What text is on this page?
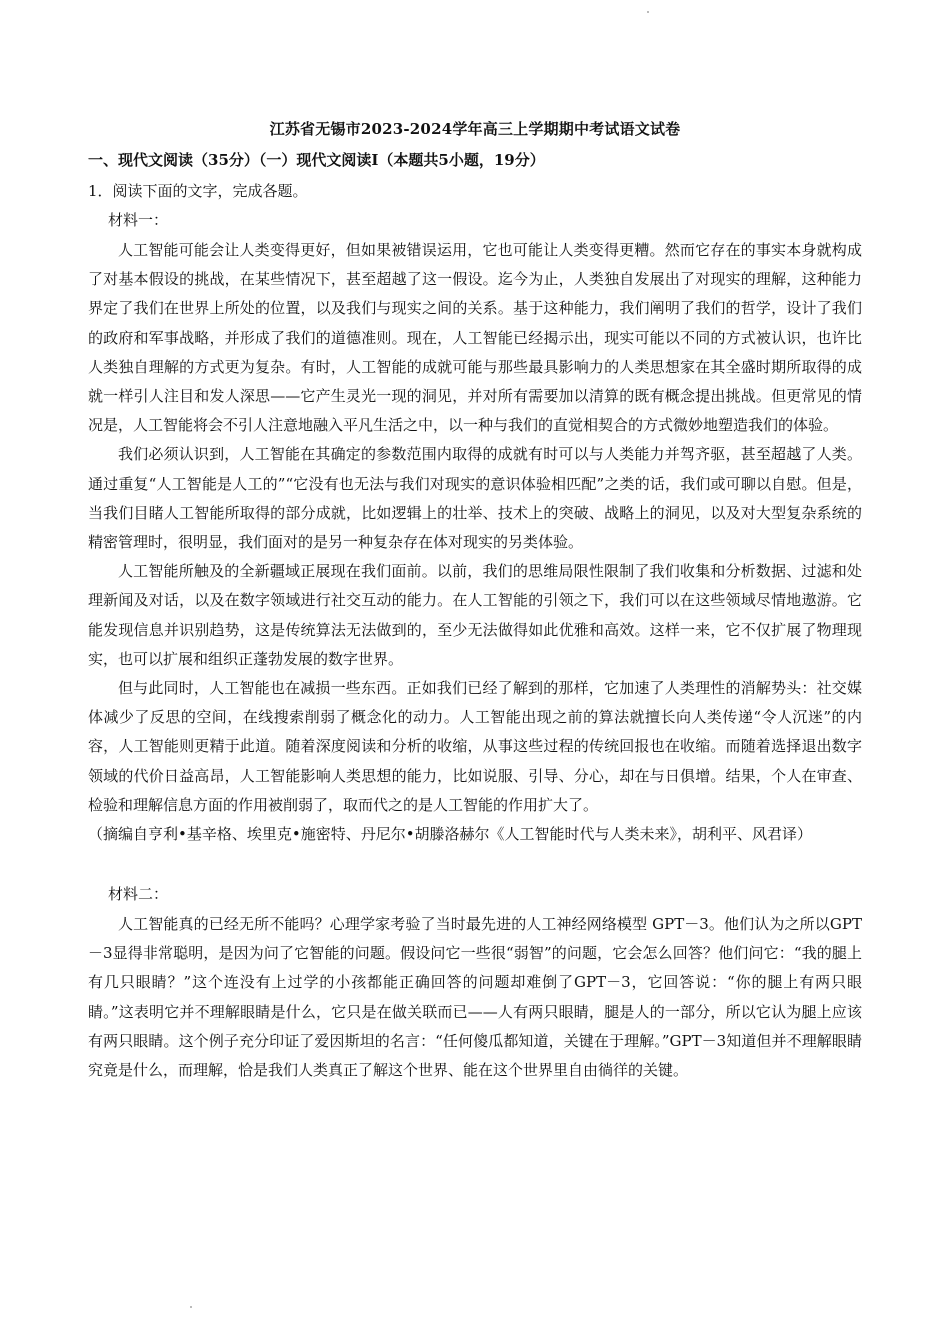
江苏省无锡市2023-2024学年高三上学期期中考试语文试卷
一、现代文阅读（35分）（一）现代文阅读Ⅰ（本题共5小题，19分）
1．阅读下面的文字，完成各题。
材料一：

人工智能可能会让人类变得更好，但如果被错误运用，它也可能让人类变得更糟。然而它存在的事实本身就构成了对基本假设的挑战，在某些情况下，甚至超越了这一假设。迄今为止，人类独自发展出了对现实的理解，这种能力界定了我们在世界上所处的位置，以及我们与现实之间的关系。基于这种能力，我们阐明了我们的哲学，设计了我们的政府和军事战略，并形成了我们的道德准则。现在，人工智能已经揭示出，现实可能以不同的方式被认识，也许比人类独自理解的方式更为复杂。有时，人工智能的成就可能与那些最具影响力的人类思想家在其全盛时期所取得的成就一样引人注目和发人深思——它产生灵光一现的洞见，并对所有需要加以清算的既有概念提出挑战。但更常见的情况是，人工智能将会不引人注意地融入平凡生活之中，以一种与我们的直觉相契合的方式微妙地塑造我们的体验。

我们必须认识到，人工智能在其确定的参数范围内取得的成就有时可以与人类能力并驾齐驱，甚至超越了人类。通过重复“人工智能是人工的”“它没有也无法与我们对现实的意识体验相匹配”之类的话，我们或可聊以自慰。但是，当我们目睹人工智能所取得的部分成就，比如逻辑上的壮举、技术上的突破、战略上的洞见，以及对大型复杂系统的精密管理时，很明显，我们面对的是另一种复杂存在体对现实的另类体验。

人工智能所触及的全新疆域正展现在我们面前。以前，我们的思维局限性限制了我们收集和分析数据、过滤和处理新闻及对话，以及在数字领域进行社交互动的能力。在人工智能的引领之下，我们可以在这些领域尽情地遨游。它能发现信息并识别趋势，这是传统算法无法做到的，至少无法做得如此优雅和高效。这样一来，它不仅扩展了物理现实，也可以扩展和组织正蓬勃发展的数字世界。

但与此同时，人工智能也在减损一些东西。正如我们已经了解到的那样，它加速了人类理性的消解势头：社交媒体减少了反思的空间，在线搜索削弱了概念化的动力。人工智能出现之前的算法就擅长向人类传递“令人沉迷”的内容，人工智能则更精于此道。随着深度阅读和分析的收缩，从事这些过程的传统回报也在收缩。而随着选择退出数字领域的代价日益高昂，人工智能影响人类思想的能力，比如说服、引导、分心，却在与日俱增。结果，个人在审查、检验和理解信息方面的作用被削弱了，取而代之的是人工智能的作用扩大了。

（摘编自亨利•基辛格、埃里克•施密特、丹尼尔•胡滕洛赫尔《人工智能时代与人类未来》，胡利平、风君译）

材料二：

人工智能真的已经无所不能吗？心理学家考验了当时最先进的人工神经网络模型 GPT－3。他们认为之所以GPT－3显得非常聪明，是因为问了它智能的问题。假设问它一些很“弱智”的问题，它会怎么回答？他们问它：“我的腿上有几只眼睛？”这个连没有上过学的小孩都能正确回答的问题却难倒了GPT－3，它回答说：“你的腿上有两只眼睛。”这表明它并不理解眼睛是什么，它只是在做关联而已——人有两只眼睛，腿是人的一部分，所以它认为腿上应该有两只眼睛。这个例子充分印证了爱因斯坦的名言：“任何傻瓜都知道，关键在于理解。”GPT－3知道但并不理解眼睛究竟是什么，而理解，恰是我们人类真正了解这个世界、能在这个世界里自由徜徉的关键。
